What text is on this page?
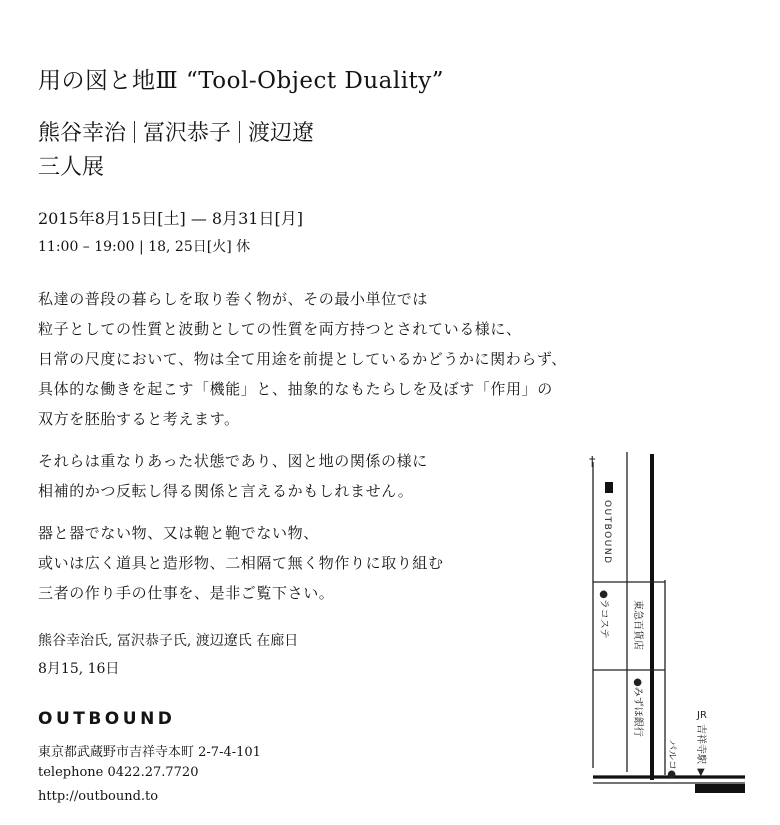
用の図と地Ⅲ “Tool-Object Duality”
熊谷幸治 冨沢恭子 渡辺遼
三人展
2015年8月15日[土] — 8月31日[月]
11:00 – 19:00 | 18, 25日[火] 休
私達の普段の暮らしを取り巻く物が、その最小単位では
粒子としての性質と波動としての性質を両方持つとされている様に、
日常の尺度において、物は全て用途を前提としているかどうかに関わらず、
具体的な働きを起こす「機能」と、抽象的なもたらしを及ぼす「作用」の
双方を胚胎すると考えます。
それらは重なりあった状態であり、図と地の関係の様に
相補的かつ反転し得る関係と言えるかもしれません。
器と器でない物、又は鞄と鞄でない物、
或いは広く道具と造形物、二相隔て無く物作りに取り組む
三者の作り手の仕事を、是非ご覧下さい。
熊谷幸治氏, 冨沢恭子氏, 渡辺遼氏 在廊日
8月15, 16日
OUTBOUND
東京都武蔵野市吉祥寺本町 2-7-4-101
telephone 0422.27.7720
http://outbound.to
†
OUTBOUND
●ラコステ 東急百貨店
●みずほ銀行
パルコ●
JR
吉祥寺駅
▼
